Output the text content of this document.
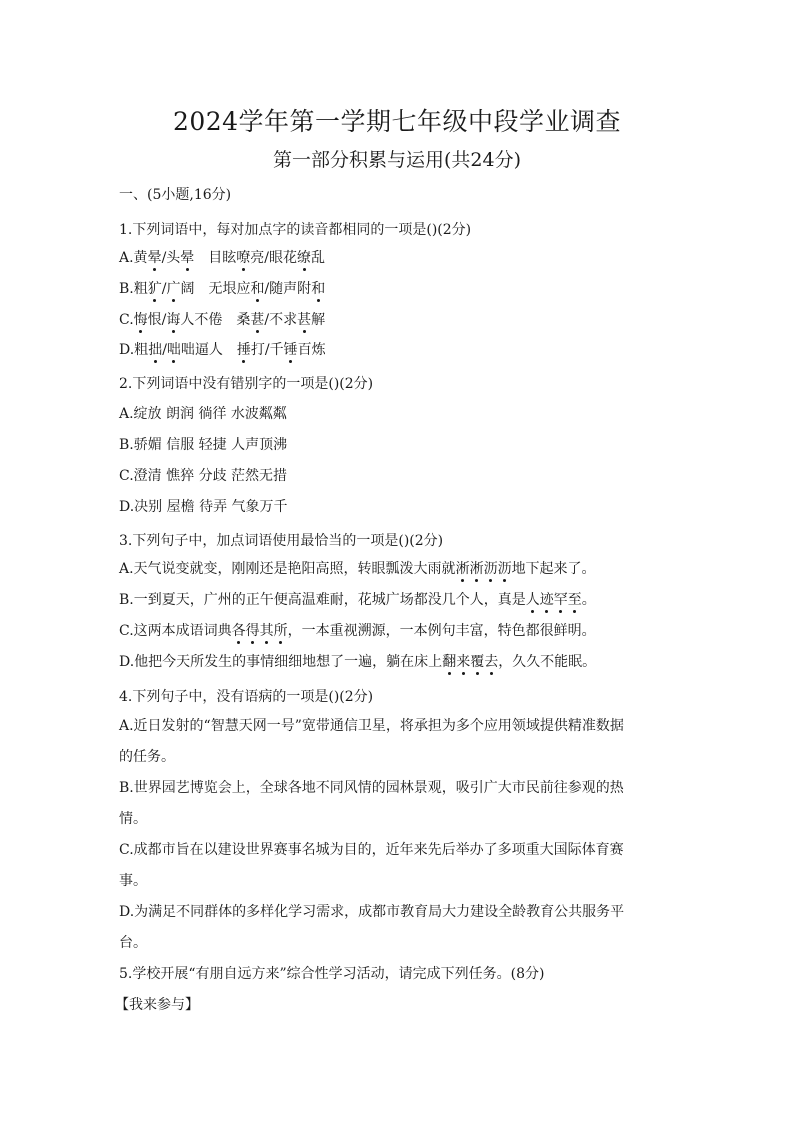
2024学年第一学期七年级中段学业调查
第一部分积累与运用(共24分)
一、(5小题,16分)
1.下列词语中，每对加点字的读音都相同的一项是()(2分)
A.黄晕/头晕　目眩嘹亮/眼花缭乱
B.粗犷/广阔　无垠应和/随声附和
C.悔恨/诲人不倦　桑葚/不求甚解
D.粗拙/咄咄逼人　捶打/千锤百炼
2.下列词语中没有错别字的一项是()(2分)
A.绽放 朗润 徜徉 水波粼粼
B.骄媚 信服 轻捷 人声顶沸
C.澄清 憔猝 分歧 茫然无措
D.决别 屋檐 待弄 气象万千
3.下列句子中，加点词语使用最恰当的一项是()(2分)
A.天气说变就变，刚刚还是艳阳高照，转眼瓢泼大雨就淅淅沥沥地下起来了。
B.一到夏天，广州的正午便高温难耐，花城广场都没几个人，真是人迹罕至。
C.这两本成语词典各得其所，一本重视溯源，一本例句丰富，特色都很鲜明。
D.他把今天所发生的事情细细地想了一遍，躺在床上翻来覆去，久久不能眠。
4.下列句子中，没有语病的一项是()(2分)
A.近日发射的“智慧天网一号”宽带通信卫星，将承担为多个应用领域提供精准数据
的任务。
B.世界园艺博览会上，全球各地不同风情的园林景观，吸引广大市民前往参观的热
情。
C.成都市旨在以建设世界赛事名城为目的，近年来先后举办了多项重大国际体育赛
事。
D.为满足不同群体的多样化学习需求，成都市教育局大力建设全龄教育公共服务平
台。
5.学校开展“有朋自远方来”综合性学习活动，请完成下列任务。(8分)
【我来参与】
